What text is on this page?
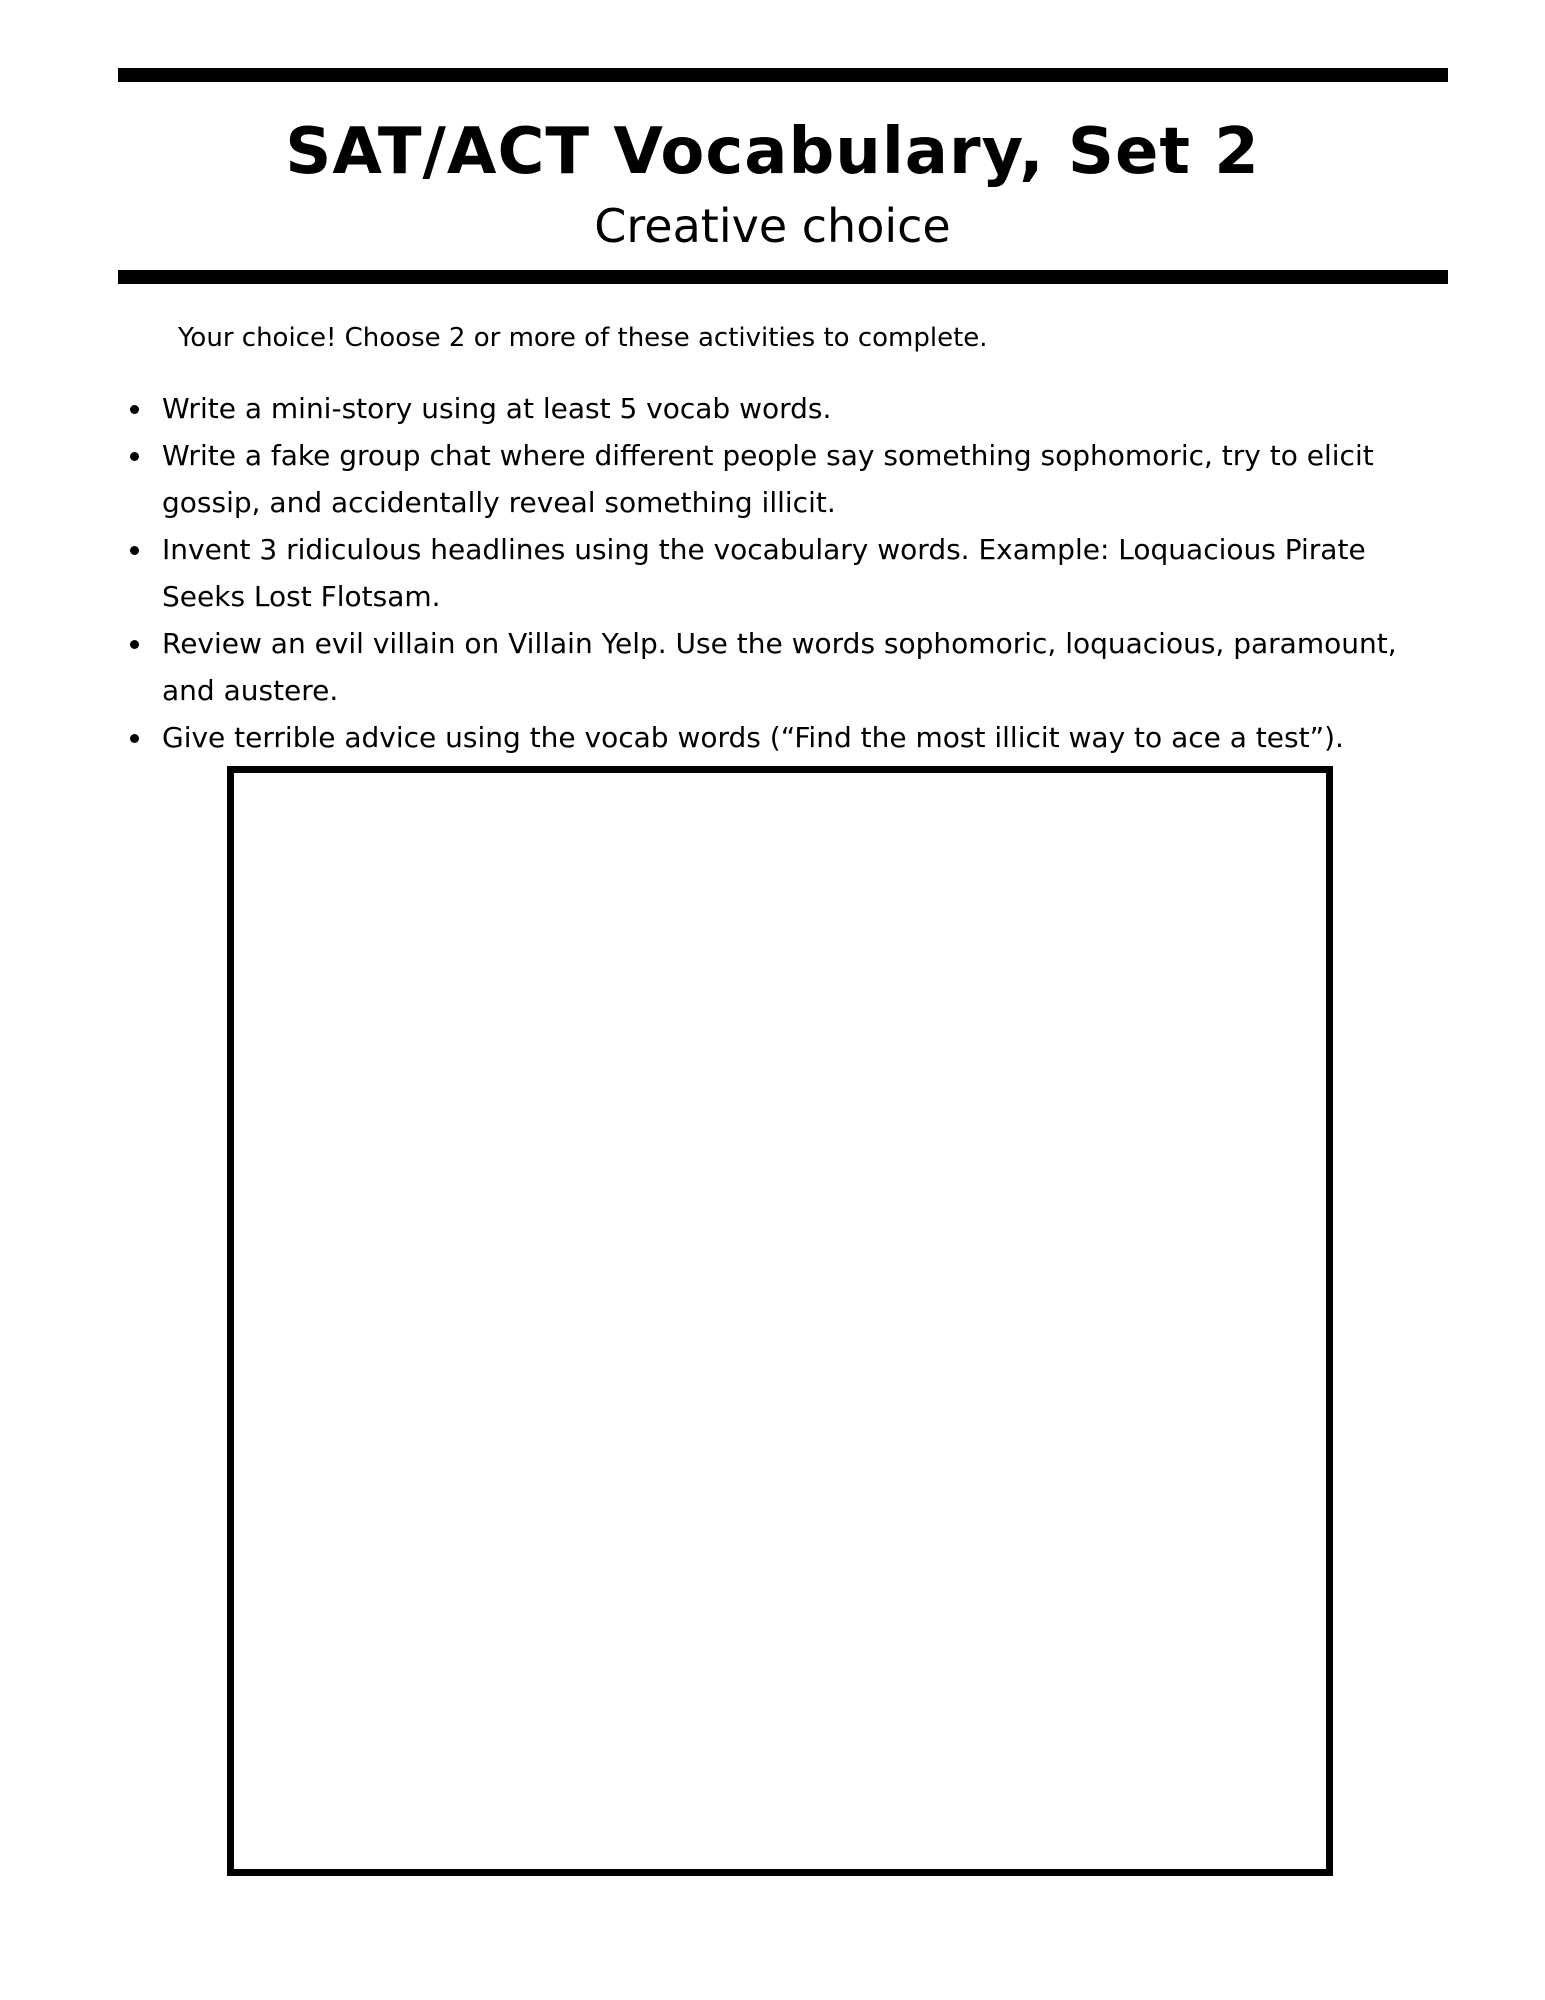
SAT/ACT Vocabulary, Set 2
Creative choice

Your choice! Choose 2 or more of these activities to complete.

Write a mini-story using at least 5 vocab words.
Write a fake group chat where different people say something sophomoric, try to elicit gossip, and accidentally reveal something illicit.
Invent 3 ridiculous headlines using the vocabulary words. Example: Loquacious Pirate Seeks Lost Flotsam.
Review an evil villain on Villain Yelp. Use the words sophomoric, loquacious, paramount, and austere.
Give terrible advice using the vocab words (“Find the most illicit way to ace a test”).
